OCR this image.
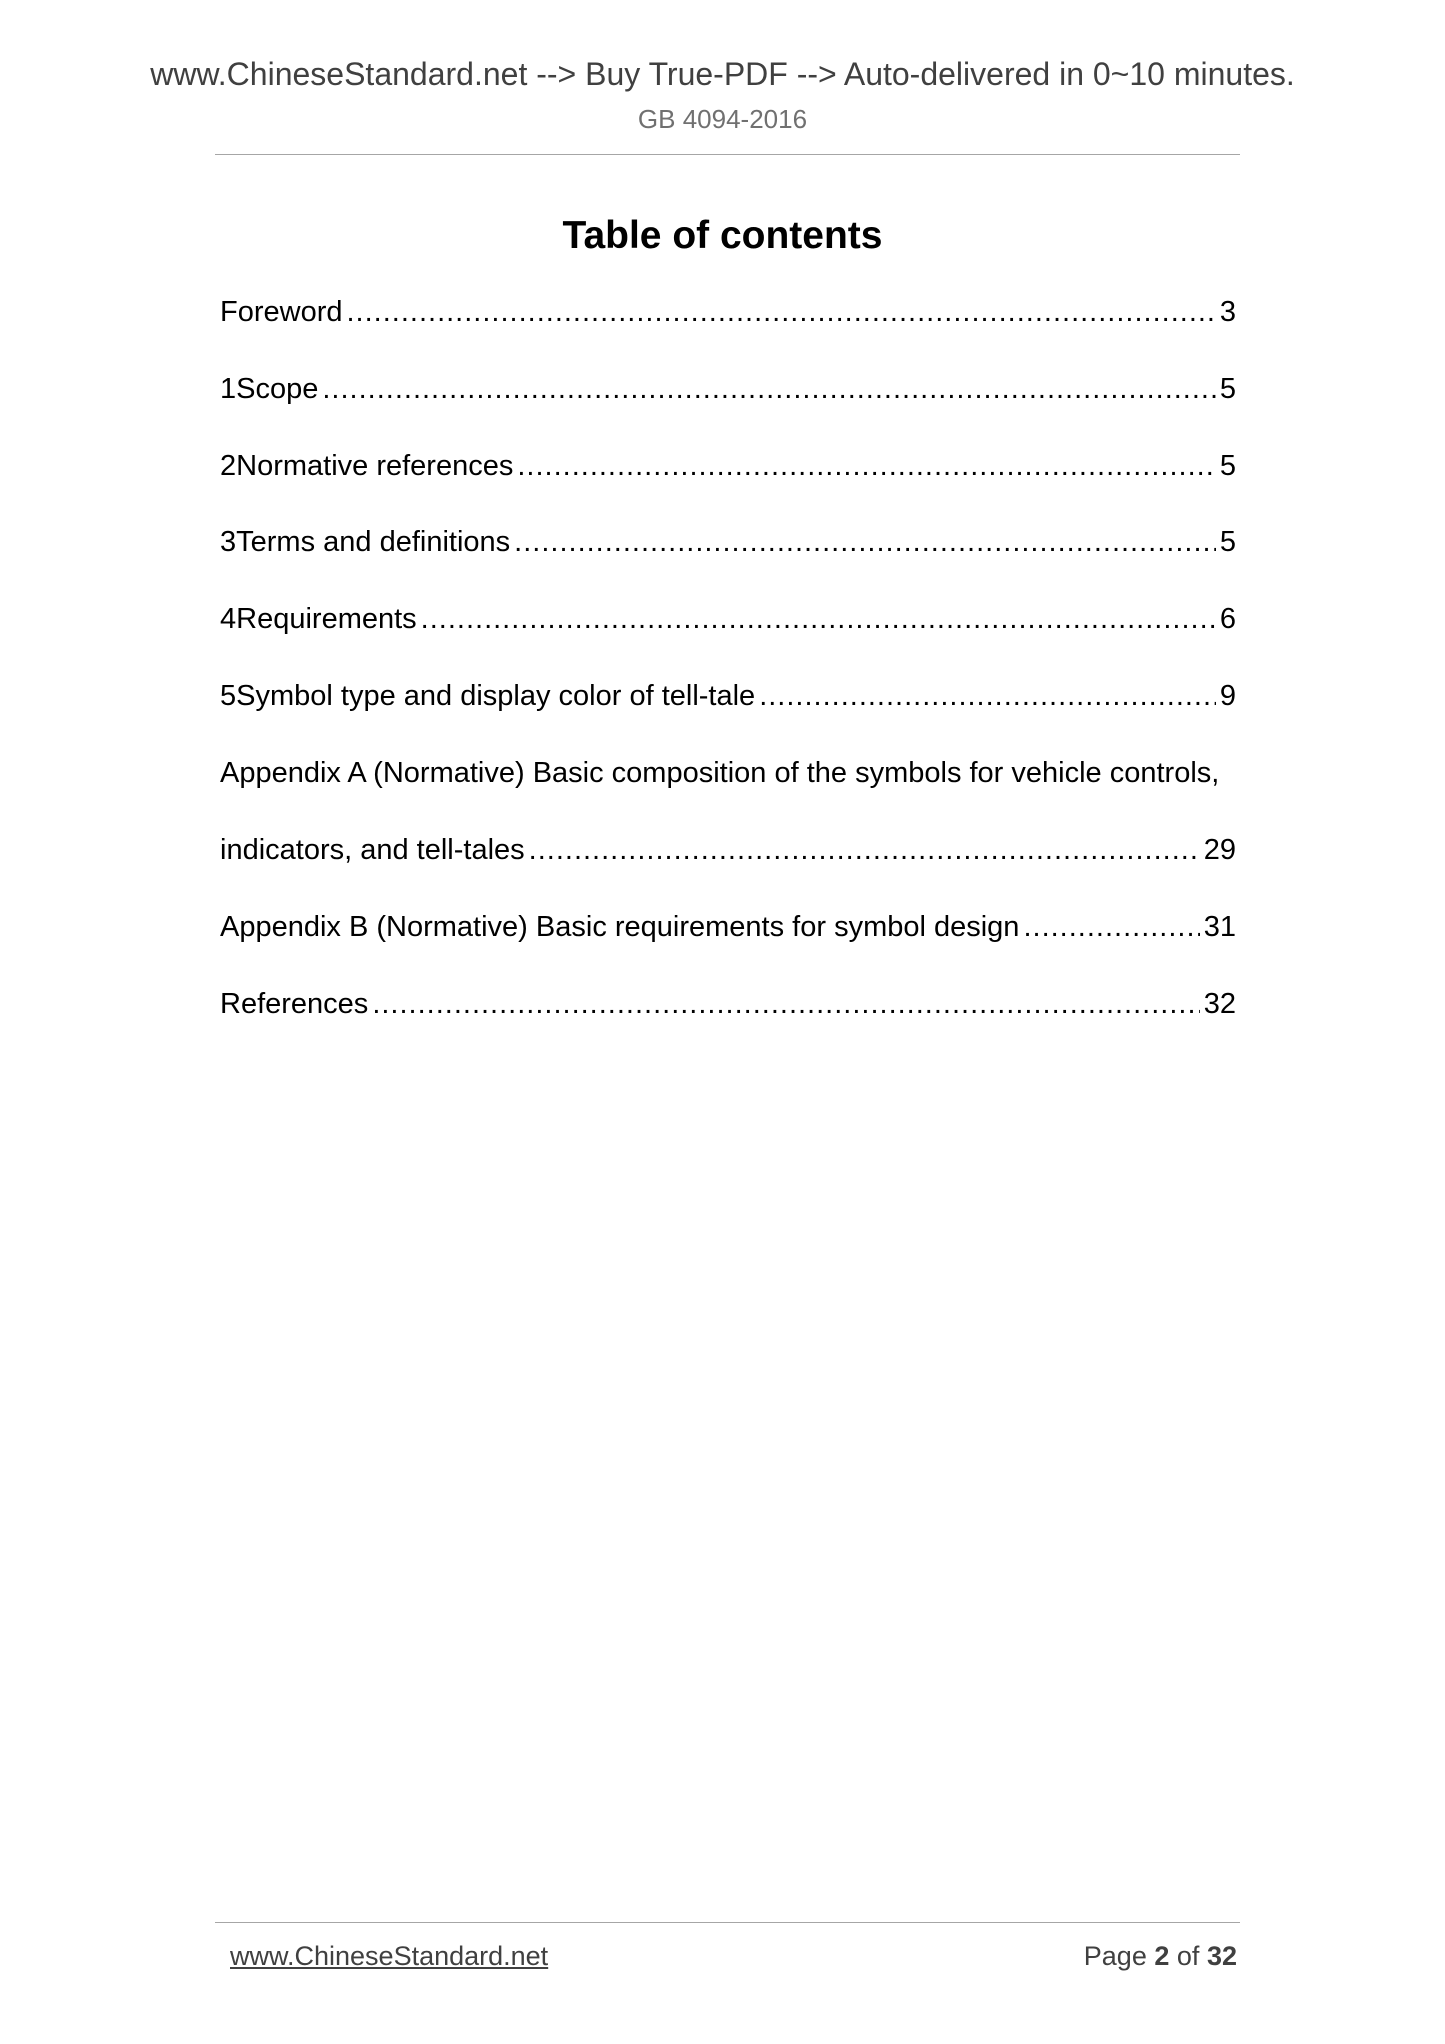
www.ChineseStandard.net --> Buy True-PDF --> Auto-delivered in 0~10 minutes.
GB 4094-2016
Table of contents
Foreword .....	3
1 Scope .....	5
2 Normative references .....	5
3 Terms and definitions .....	5
4 Requirements .....	6
5 Symbol type and display color of tell-tale .....	9
Appendix A (Normative) Basic composition of the symbols for vehicle controls,
indicators, and tell-tales .....	29
Appendix B (Normative) Basic requirements for symbol design .....	31
References .....	32
www.ChineseStandard.net	Page 2 of 32
